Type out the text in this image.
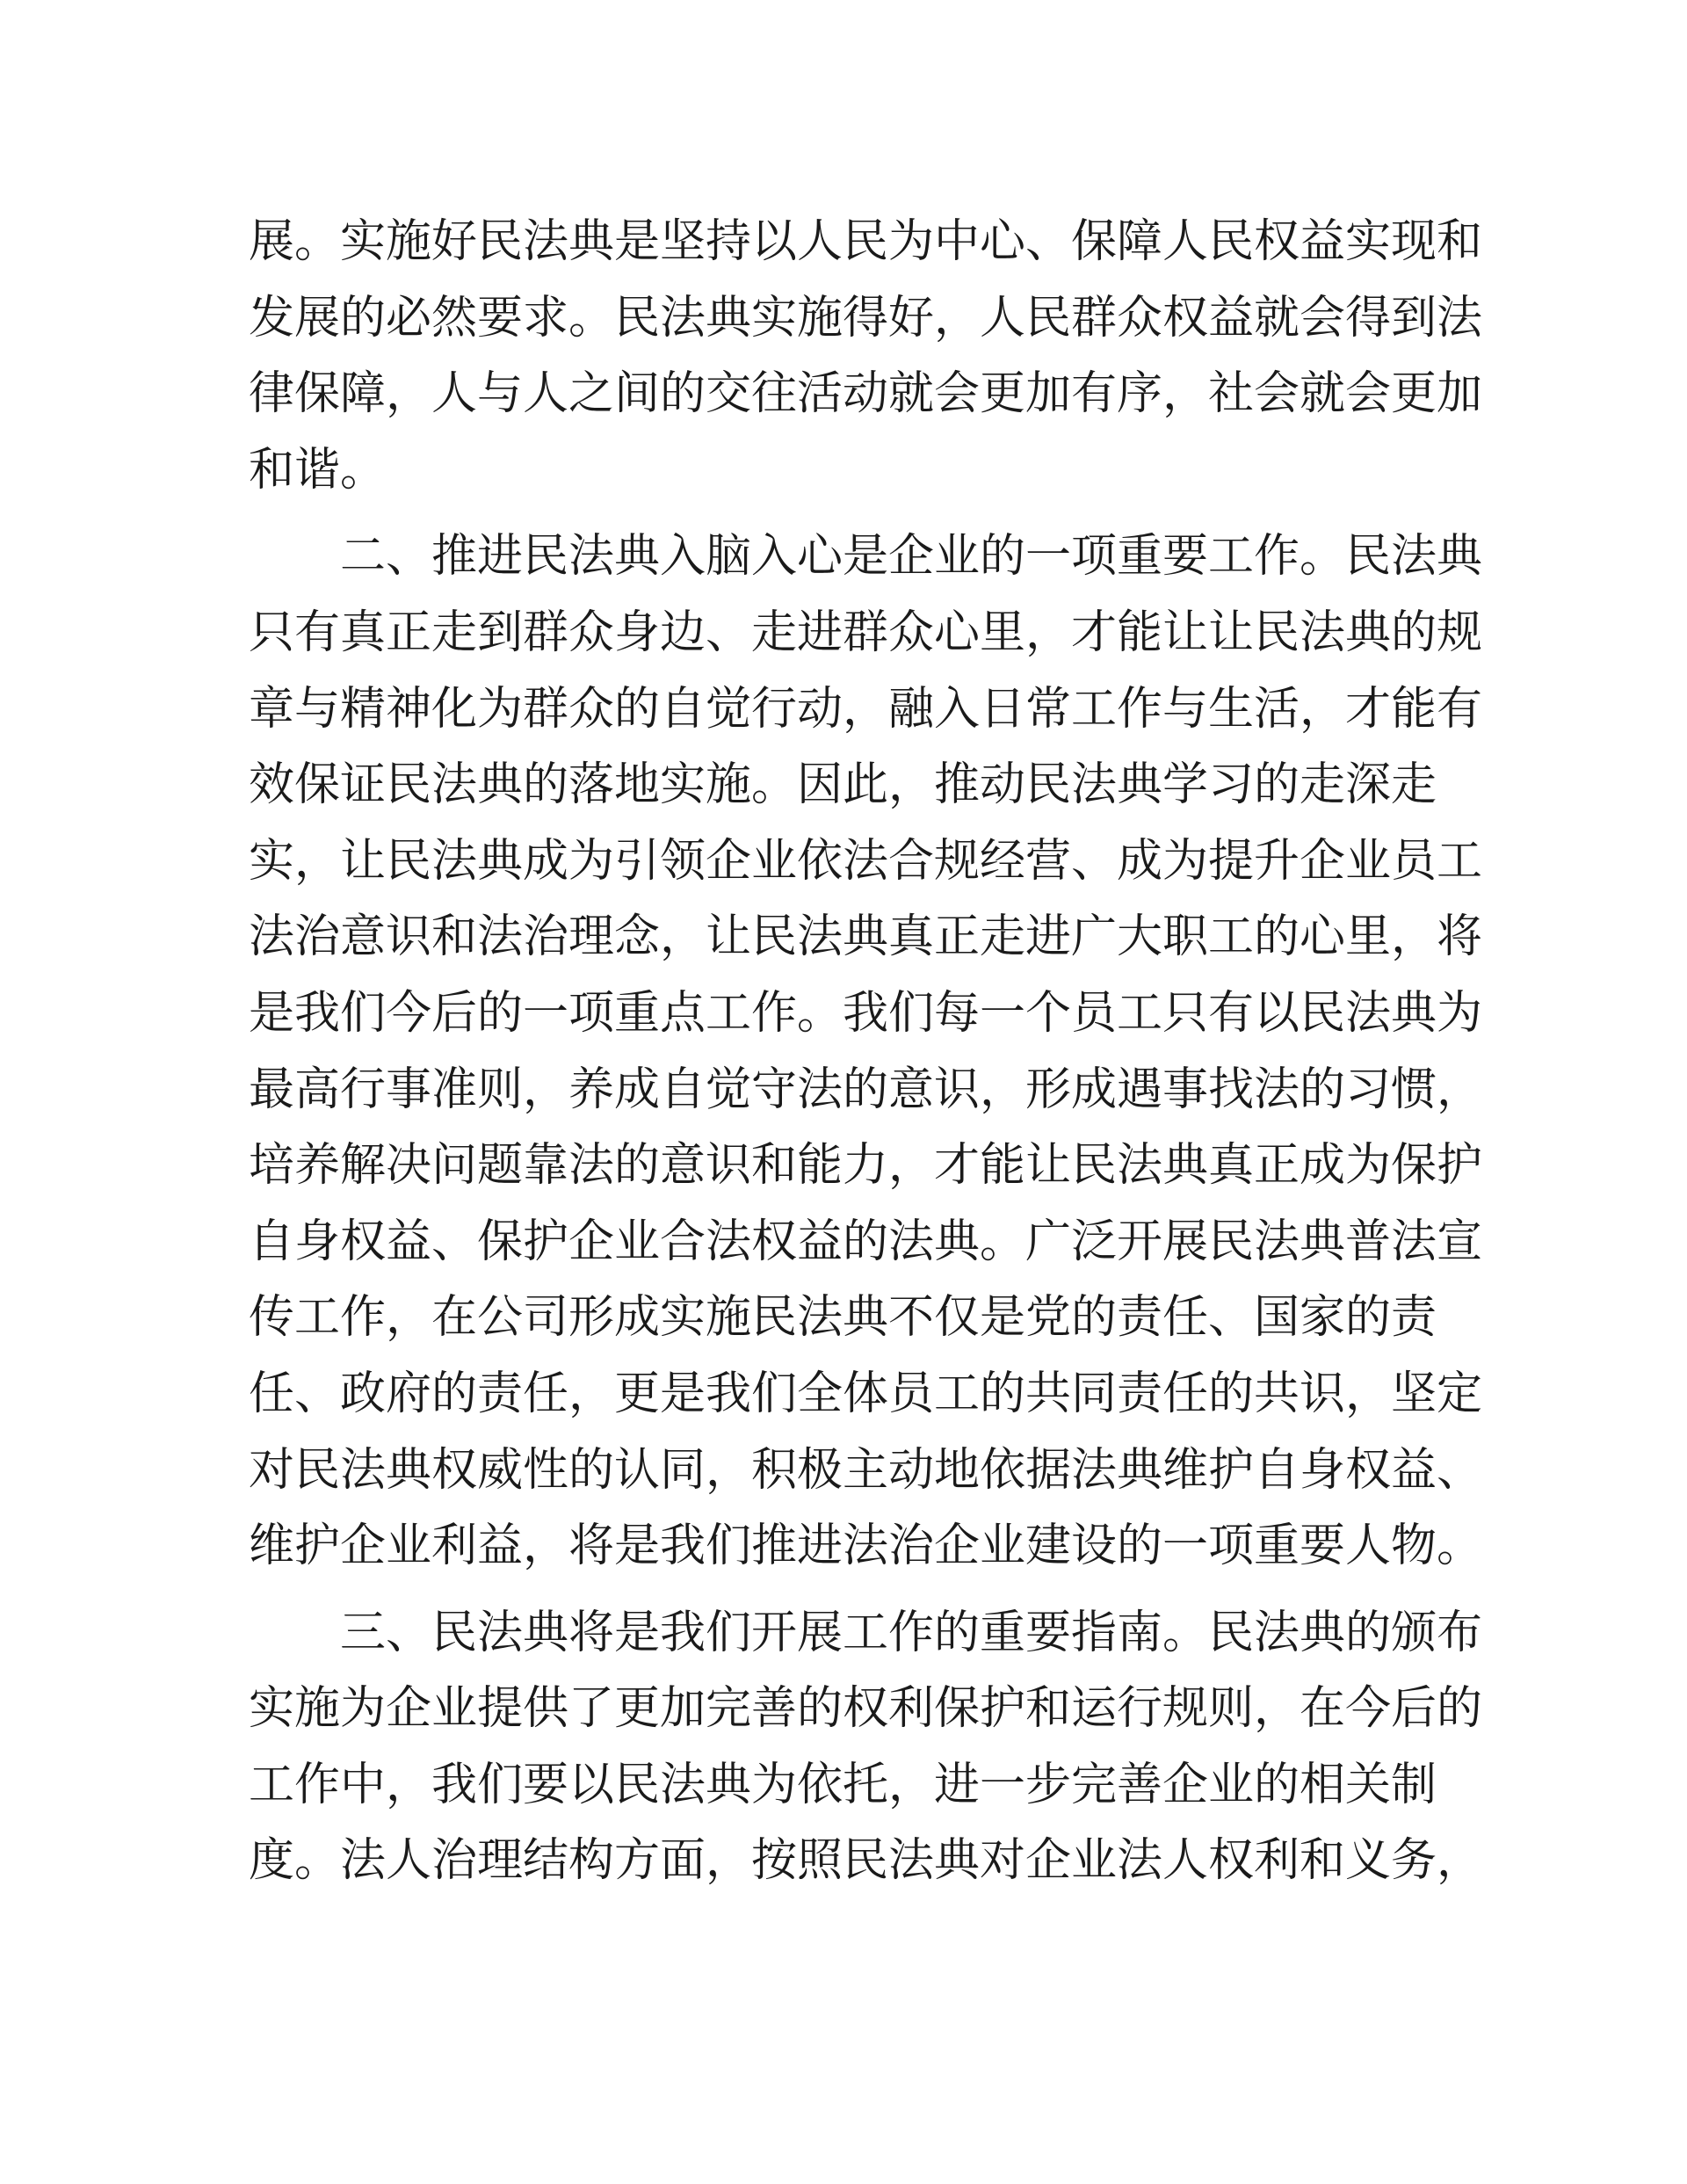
展。实施好民法典是坚持以人民为中心、保障人民权益实现和
发展的必然要求。民法典实施得好，人民群众权益就会得到法
律保障，人与人之间的交往活动就会更加有序，社会就会更加
和谐。
二、推进民法典入脑入心是企业的一项重要工作。民法典
只有真正走到群众身边、走进群众心里，才能让让民法典的规
章与精神化为群众的自觉行动，融入日常工作与生活，才能有
效保证民法典的落地实施。因此，推动民法典学习的走深走
实，让民法典成为引领企业依法合规经营、成为提升企业员工
法治意识和法治理念，让民法典真正走进广大职工的心里，将
是我们今后的一项重点工作。我们每一个员工只有以民法典为
最高行事准则，养成自觉守法的意识，形成遇事找法的习惯，
培养解决问题靠法的意识和能力，才能让民法典真正成为保护
自身权益、保护企业合法权益的法典。广泛开展民法典普法宣
传工作，在公司形成实施民法典不仅是党的责任、国家的责
任、政府的责任，更是我们全体员工的共同责任的共识，坚定
对民法典权威性的认同，积极主动地依据法典维护自身权益、
维护企业利益，将是我们推进法治企业建设的一项重要人物。
三、民法典将是我们开展工作的重要指南。民法典的颁布
实施为企业提供了更加完善的权利保护和运行规则，在今后的
工作中，我们要以民法典为依托，进一步完善企业的相关制
度。法人治理结构方面，按照民法典对企业法人权利和义务，
